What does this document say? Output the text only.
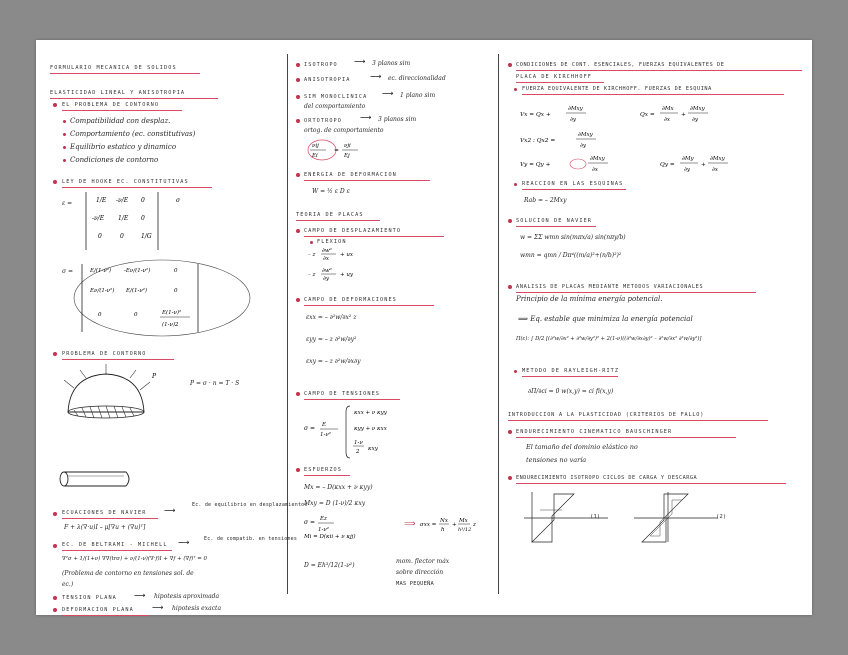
FORMULARIO MECANICA DE SOLIDOS
ELASTICIDAD LINEAL Y ANISOTROPIA
EL PROBLEMA DE CONTORNO
Compatibilidad con desplaz.
Comportamiento (ec. constitutivas)
Equilibrio estatico y dinamico
Condiciones de contorno
LEY DE HOOKE EC. CONSTITUTIVAS
ε =	1/E -ν/E 0
-ν/E 1/E 0
0	0	1/G
σ
σ =	E/(1-ν²) -Eν/(1-ν²)	0
Eν/(1-ν²) E/(1-ν²)	0
0	0	E(1-ν)²
(1-ν)2
PROBLEMA DE CONTORNO
P
P = σ · n = T · S
ECUACIONES DE NAVIER ⟶
Ec. de equilibrio en desplazamientos
F + λ(∇·u)I – μ[∇u + (∇u)ᵀ]
EC. DE BELTRAMI - MICHELL ⟶	Ec. de compatib. en tensiones
∇²σ + 1/(1+ν) ∇∇(trσ) + ν/(1-ν)(∇·f)I + ∇f + (∇f)ᵀ = 0
(Problema de contorno en tensiones sol. de
ec.)
TENSION PLANA ⟶ hipotesis aproximada
DEFORMACION PLANA ⟶ hipotesis exacta
ISOTROPO ⟶ 3 planos sim
ANISOTROPIA ⟶ ec. direccionalidad
SIM MONOCLINICA ⟶ 1 plano sim
del comportamiento
ORTOTROPO ⟶ 3 planos sim
ortog. de comportamiento
νij
Ei
=
νji
Ej
ENERGIA DE DEFORMACION
W = ½ ε D ε
TEORIA DE PLACAS
CAMPO DE DESPLAZAMIENTO
FLEXION
– z
∂w⁰
∂x
+ ux
– z
∂w⁰
∂y
+ uy
CAMPO DE DEFORMACIONES
εxx = – ∂²w/∂x² z
εyy = – z ∂²w/∂y²
εxy = – z ∂²w/∂x∂y
CAMPO DE TENSIONES
σ = E
1-ν²
κxx + ν κyy
κyy + ν κxx
1-ν
2 κxy
ESFUERZOS
Mx = – D(κxx + ν κyy)
Mxy = D (1-ν)/2 κxy
σ = Ez
1-ν²
Mi = D(κii + ν κjj)
⟹ σxx =
Nx
h
+
Mx
h³/12
z
D = Eh³/12(1-ν²)
mom. flector máx
sobre dirección
MAS PEQUEÑA
CONDICIONES DE CONT. ESENCIALES, FUERZAS EQUIVALENTES DE
PLACA DE KIRCHHOFF
FUERZA EQUIVALENTE DE KIRCHHOFF. FUERZAS DE ESQUINA
Vx = Qx +
∂Mxy
∂y
Qx =
∂Mx
∂x
+
∂Mxy
∂y
Vx2 : Qx2 =
∂Mxy
∂y
Vy = Qy +
∂Mxy
∂x
Qy =
∂My
∂y
+
∂Mxy
∂x
REACCION EN LAS ESQUINAS
Rab = – 2Mxy
SOLUCION DE NAVIER
w = ΣΣ wmn sin(mπx/a) sin(nπy/b)
wmn = qmn / Dπ⁴((m/a)²+(n/b)²)²
ANALISIS DE PLACAS MEDIANTE METODOS VARIACIONALES
Principio de la mínima energía potencial.
⟹ Eq. estable que minimiza la energía potencial
Π(ε): ∫ D/2 [(∂²w/∂x² + ∂²w/∂y²)² + 2(1-ν)((∂²w/∂x∂y)² – ∂²w/∂x² ∂²w/∂y²)]
METODO DE RAYLEIGH-RITZ
∂Π/∂ci = 0 w(x,y) = ci fi(x,y)
INTRODUCCION A LA PLASTICIDAD (CRITERIOS DE FALLO)
ENDURECIMIENTO CINEMATICO BAUSCHINGER
El tamaño del dominio elástico no
tensiones no varía
ENDURECIMIENTO ISOTROPO CICLOS DE CARGA Y DESCARGA
(1)	(2)
